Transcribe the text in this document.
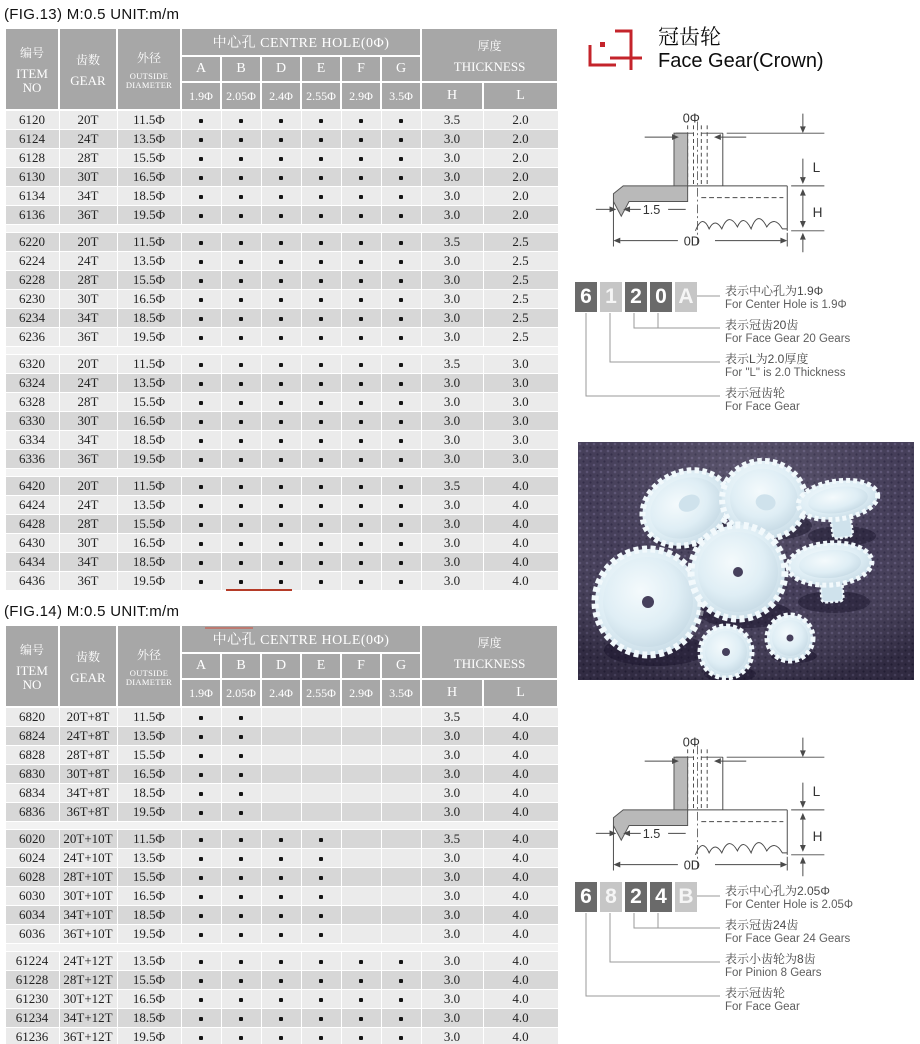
(FIG.13) M:0.5 UNIT:m/m
编号
ITEM NO

齿数
GEAR

外径
OUTSIDE DIAMETER
	中心孔 CENTRE HOLE(0Φ)	厚度
THICKNESS

			A	B	D	E	F	G		
			1.9Φ	2.05Φ	2.4Φ	2.55Φ	2.9Φ	3.5Φ	H	L
6120	20T	11.5Φ							3.5	2.0
6124	24T	13.5Φ							3.0	2.0
6128	28T	15.5Φ							3.0	2.0
6130	30T	16.5Φ							3.0	2.0
6134	34T	18.5Φ							3.0	2.0
6136	36T	19.5Φ							3.0	2.0

6220	20T	11.5Φ							3.5	2.5
6224	24T	13.5Φ							3.0	2.5
6228	28T	15.5Φ							3.0	2.5
6230	30T	16.5Φ							3.0	2.5
6234	34T	18.5Φ							3.0	2.5
6236	36T	19.5Φ							3.0	2.5

6320	20T	11.5Φ							3.5	3.0
6324	24T	13.5Φ							3.0	3.0
6328	28T	15.5Φ							3.0	3.0
6330	30T	16.5Φ							3.0	3.0
6334	34T	18.5Φ							3.0	3.0
6336	36T	19.5Φ							3.0	3.0

6420	20T	11.5Φ							3.5	4.0
6424	24T	13.5Φ							3.0	4.0
6428	28T	15.5Φ							3.0	4.0
6430	30T	16.5Φ							3.0	4.0
6434	34T	18.5Φ							3.0	4.0
6436	36T	19.5Φ							3.0	4.0
(FIG.14) M:0.5 UNIT:m/m
编号
ITEM NO

齿数
GEAR

外径
OUTSIDE DIAMETER
	中心孔 CENTRE HOLE(0Φ)	厚度
THICKNESS

			A	B	D	E	F	G		
			1.9Φ	2.05Φ	2.4Φ	2.55Φ	2.9Φ	3.5Φ	H	L
6820	20T+8T	11.5Φ							3.5	4.0
6824	24T+8T	13.5Φ							3.0	4.0
6828	28T+8T	15.5Φ							3.0	4.0
6830	30T+8T	16.5Φ							3.0	4.0
6834	34T+8T	18.5Φ							3.0	4.0
6836	36T+8T	19.5Φ							3.0	4.0

6020	20T+10T	11.5Φ							3.5	4.0
6024	24T+10T	13.5Φ							3.0	4.0
6028	28T+10T	15.5Φ							3.0	4.0
6030	30T+10T	16.5Φ							3.0	4.0
6034	34T+10T	18.5Φ							3.0	4.0
6036	36T+10T	19.5Φ							3.0	4.0

61224	24T+12T	13.5Φ							3.0	4.0
61228	28T+12T	15.5Φ							3.0	4.0
61230	30T+12T	16.5Φ							3.0	4.0
61234	34T+12T	18.5Φ							3.0	4.0
61236	36T+12T	19.5Φ							3.0	4.0
冠齿轮
Face Gear(Crown)
0Φ
1.5
0D
L
H
6 1 2 0 A	表示中心孔为1.9Φ
For Center Hole is 1.9Φ
表示冠齿20齿
For Face Gear 20 Gears
表示L为2.0厚度
For "L" is 2.0 Thickness
表示冠齿轮
For Face Gear
0Φ
1.5
0D
L
H
6 8 2 4 B	表示中心孔为2.05Φ
For Center Hole is 2.05Φ
表示冠齿24齿
For Face Gear 24 Gears
表示小齿轮为8齿
For Pinion 8 Gears
表示冠齿轮
For Face Gear
